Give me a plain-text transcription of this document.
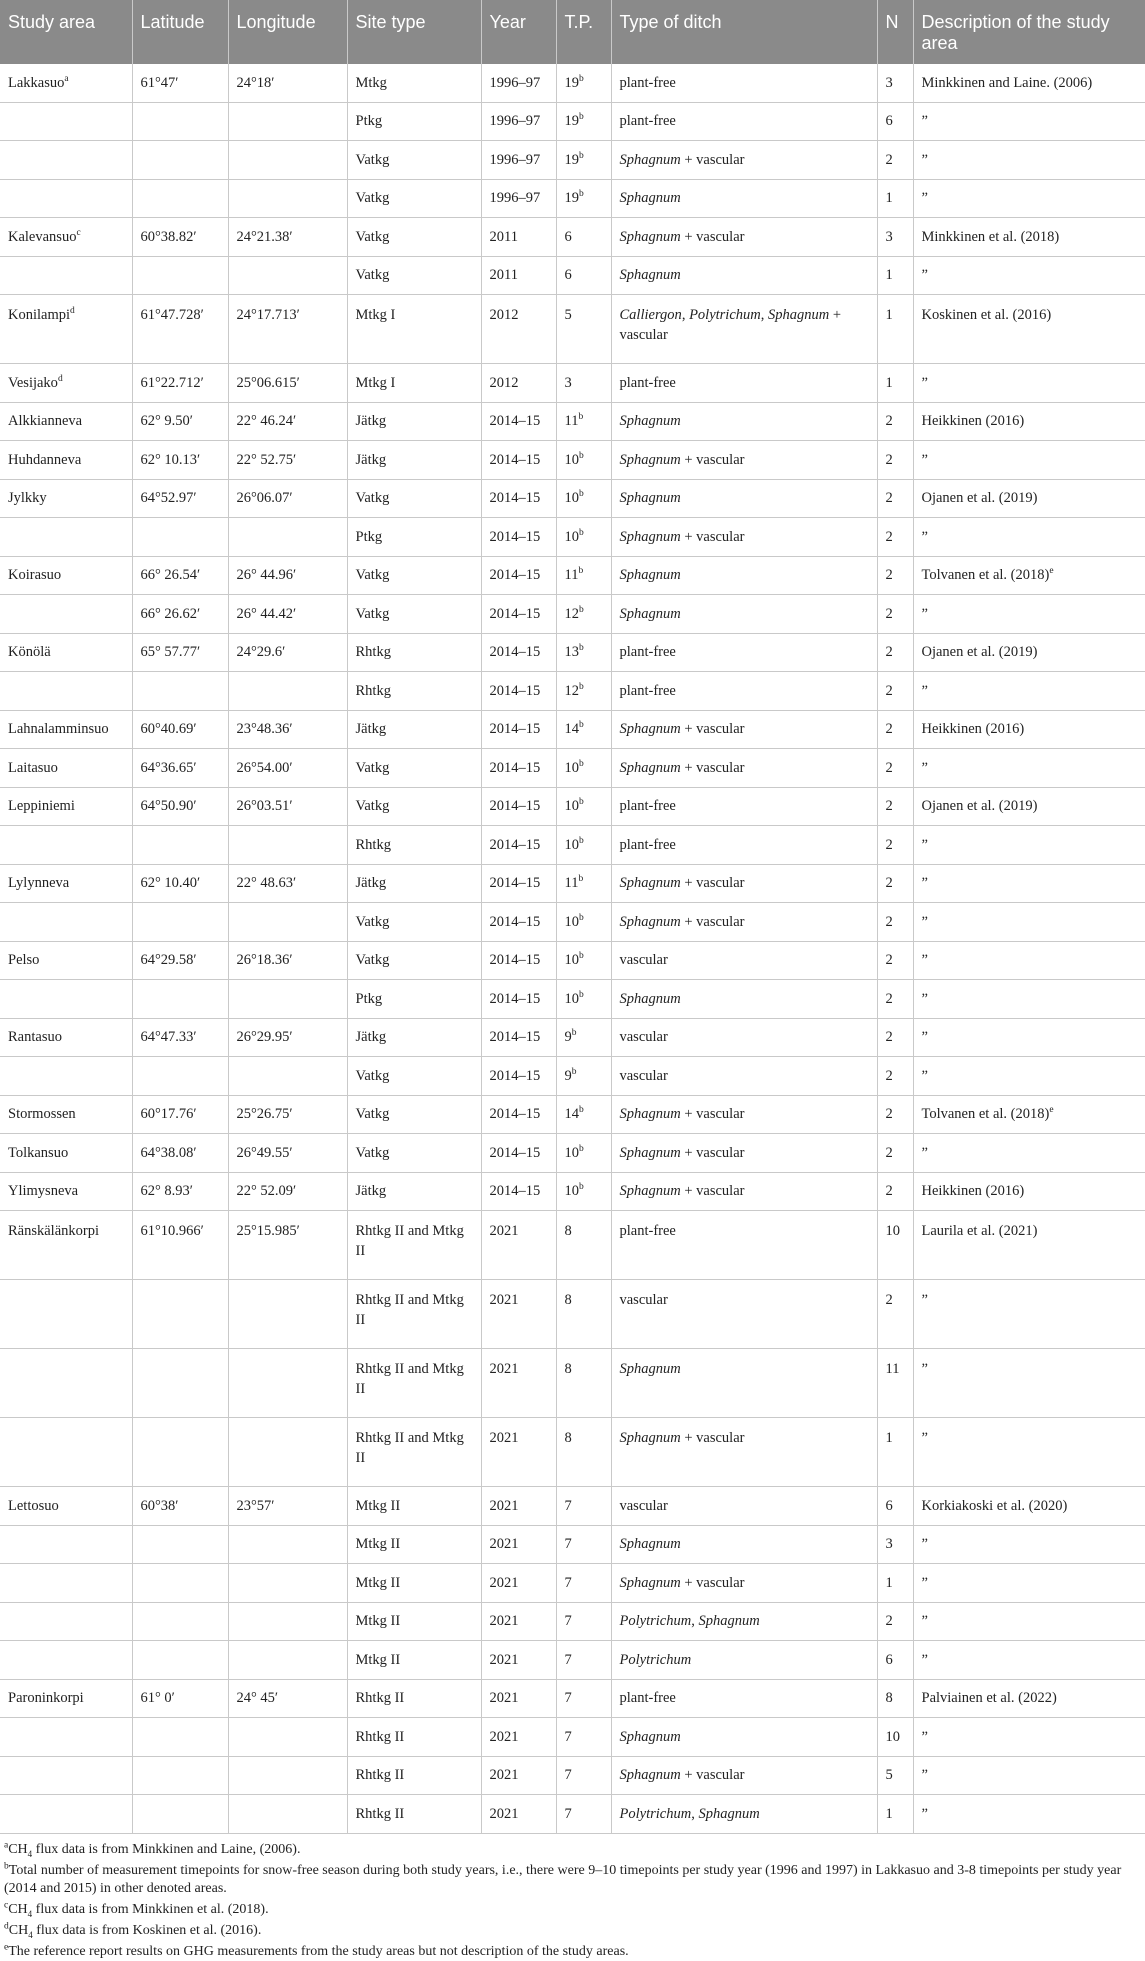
Study area	Latitude	Longitude	Site type	Year	T.P.	Type of ditch	N	Description of the study area
Lakkasuo$^a$	61°47′	24°18′	Mtkg	1996–97	19$^b$	plant-free	3	Minkkinen and Laine. (2006)
			Ptkg	1996–97	19$^b$	plant-free	6	”
			Vatkg	1996–97	19$^b$	Sphagnum + vascular	2	”
			Vatkg	1996–97	19$^b$	Sphagnum	1	”
Kalevansuo$^c$	60°38.82′	24°21.38′	Vatkg	2011	6	Sphagnum + vascular	3	Minkkinen et al. (2018)
			Vatkg	2011	6	Sphagnum	1	”
Konilampi$^d$	61°47.728′	24°17.713′	Mtkg I	2012	5	Calliergon, Polytrichum, Sphagnum + vascular	1	Koskinen et al. (2016)
Vesijako$^d$	61°22.712′	25°06.615′	Mtkg I	2012	3	plant-free	1	”
Alkkianneva	62° 9.50′	22° 46.24′	Jätkg	2014–15	11$^b$	Sphagnum	2	Heikkinen (2016)
Huhdanneva	62° 10.13′	22° 52.75′	Jätkg	2014–15	10$^b$	Sphagnum + vascular	2	”
Jylkky	64°52.97′	26°06.07′	Vatkg	2014–15	10$^b$	Sphagnum	2	Ojanen et al. (2019)
			Ptkg	2014–15	10$^b$	Sphagnum + vascular	2	”
Koirasuo	66° 26.54′	26° 44.96′	Vatkg	2014–15	11$^b$	Sphagnum	2	Tolvanen et al. $(2018)^e$
	66° 26.62′	26° 44.42′	Vatkg	2014–15	12$^b$	Sphagnum	2	”
Könölä	65° 57.77′	24°29.6′	Rhtkg	2014–15	13$^b$	plant-free	2	Ojanen et al. (2019)
			Rhtkg	2014–15	12$^b$	plant-free	2	”
Lahnalamminsuo	60°40.69′	23°48.36′	Jätkg	2014–15	14$^b$	Sphagnum + vascular	2	Heikkinen (2016)
Laitasuo	64°36.65′	26°54.00′	Vatkg	2014–15	10$^b$	Sphagnum + vascular	2	”
Leppiniemi	64°50.90′	26°03.51′	Vatkg	2014–15	10$^b$	plant-free	2	Ojanen et al. (2019)
			Rhtkg	2014–15	10$^b$	plant-free	2	”
Lylynneva	62° 10.40′	22° 48.63′	Jätkg	2014–15	11$^b$	Sphagnum + vascular	2	”
			Vatkg	2014–15	10$^b$	Sphagnum + vascular	2	”
Pelso	64°29.58′	26°18.36′	Vatkg	2014–15	10$^b$	vascular	2	”
			Ptkg	2014–15	10$^b$	Sphagnum	2	”
Rantasuo	64°47.33′	26°29.95′	Jätkg	2014–15	9$^b$	vascular	2	”
			Vatkg	2014–15	9$^b$	vascular	2	”
Stormossen	60°17.76′	25°26.75′	Vatkg	2014–15	14$^b$	Sphagnum + vascular	2	Tolvanen et al. $(2018)^e$
Tolkansuo	64°38.08′	26°49.55′	Vatkg	2014–15	10$^b$	Sphagnum + vascular	2	”
Ylimysneva	62° 8.93′	22° 52.09′	Jätkg	2014–15	10$^b$	Sphagnum + vascular	2	Heikkinen (2016)
Ränskälänkorpi	61°10.966′	25°15.985′	Rhtkg II and Mtkg II	2021	8	plant-free	10	Laurila et al. (2021)
			Rhtkg II and Mtkg II	2021	8	vascular	2	”
			Rhtkg II and Mtkg II	2021	8	Sphagnum	11	”
			Rhtkg II and Mtkg II	2021	8	Sphagnum + vascular	1	”
Lettosuo	60°38′	23°57′	Mtkg II	2021	7	vascular	6	Korkiakoski et al. (2020)
			Mtkg II	2021	7	Sphagnum	3	”
			Mtkg II	2021	7	Sphagnum + vascular	1	”
			Mtkg II	2021	7	Polytrichum, Sphagnum	2	”
			Mtkg II	2021	7	Polytrichum	6	”
Paroninkorpi	61° 0′	24° 45′	Rhtkg II	2021	7	plant-free	8	Palviainen et al. (2022)
			Rhtkg II	2021	7	Sphagnum	10	”
			Rhtkg II	2021	7	Sphagnum + vascular	5	”
			Rhtkg II	2021	7	Polytrichum, Sphagnum	1	”

$^aCH_4$ flux data is from Minkkinen and Laine, (2006).

$^b$Total number of measurement timepoints for snow-free season during both study years, i.e., there were 9–10 timepoints per study year (1996 and 1997) in Lakkasuo and 3-8 timepoints per study year (2014 and 2015) in other denoted areas.

$^cCH_4$ flux data is from Minkkinen et al. (2018).

$^dCH_4$ flux data is from Koskinen et al. (2016).

$^e$The reference report results on GHG measurements from the study areas but not description of the study areas.
